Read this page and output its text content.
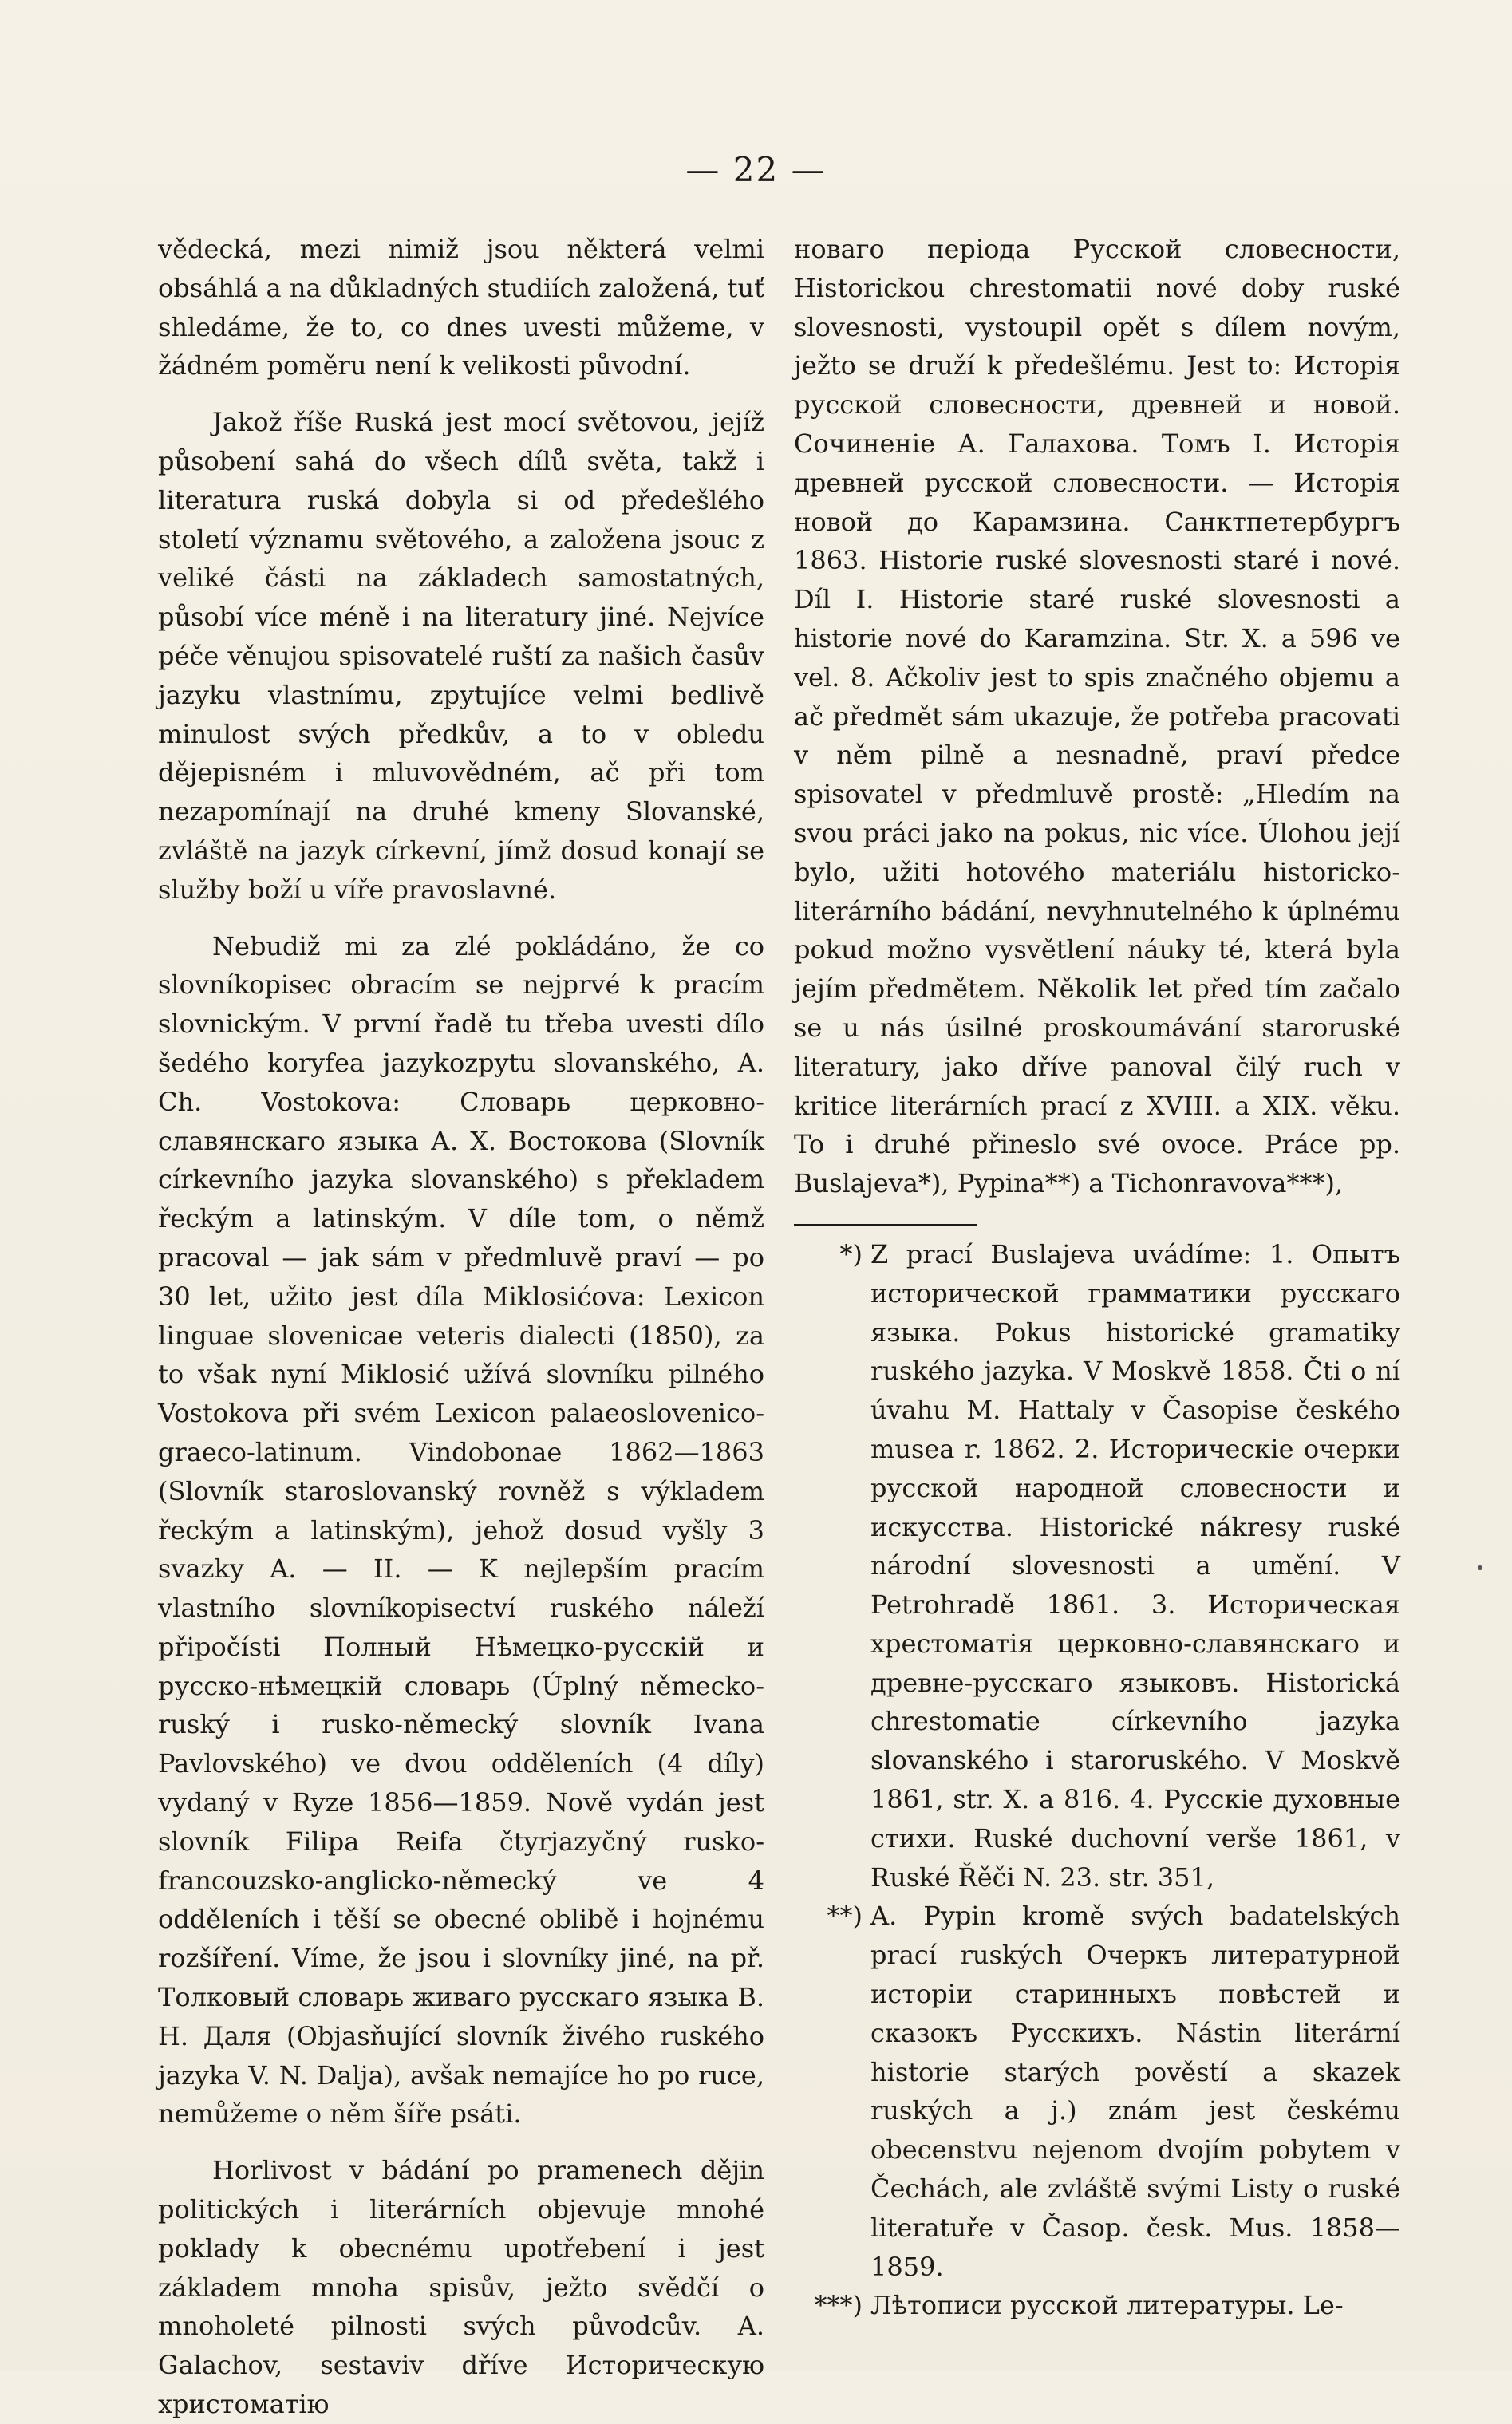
— 22 —

vědecká, mezi nimiž jsou některá velmi obsáhlá a na důkladných studiích založená, tuť shledáme, že to, co dnes uvesti můžeme, v žádném poměru není k velikosti původní.

Jakož říše Ruská jest mocí světovou, jejíž působení sahá do všech dílů světa, takž i literatura ruská dobyla si od předešlého století významu světového, a založena jsouc z veliké části na základech samostatných, působí více méně i na literatury jiné. Nejvíce péče věnujou spisovatelé ruští za našich časův jazyku vlastnímu, zpytujíce velmi bedlivě minulost svých předkův, a to v obledu dějepisném i mluvovědném, ač při tom nezapomínají na druhé kmeny Slovanské, zvláště na jazyk církevní, jímž dosud konají se služby boží u víře pravoslavné.

Nebudiž mi za zlé pokládáno, že co slovníkopisec obracím se nejprvé k pracím slovnickým. V první řadě tu třeba uvesti dílo šedého koryfea jazykozpytu slovanského, A. Ch. Vostokova: Словарь церковно-славянскаго языка А. Х. Востокова (Slovník církevního jazyka slovanského) s překladem řeckým a latinským. V díle tom, o němž pracoval — jak sám v předmluvě praví — po 30 let, užito jest díla Miklosićova: Lexicon linguae slovenicae veteris dialecti (1850), za to však nyní Miklosić užívá slovníku pilného Vostokova při svém Lexicon palaeoslovenico-graeco-latinum. Vindobonae 1862—1863 (Slovník staroslovanský rovněž s výkladem řeckým a latinským), jehož dosud vyšly 3 svazky A. — II. — K nejlepším pracím vlastního slovníkopisectví ruského náleží připočísti Полный Нѣмецко-русскій и русско-нѣмецкій словарь (Úplný německo-ruský i rusko-německý slovník Ivana Pavlovského) ve dvou odděleních (4 díly) vydaný v Ryze 1856—1859. Nově vydán jest slovník Filipa Reifa čtyrjazyčný rusko-francouzsko-anglicko-německý ve 4 odděleních i těší se obecné oblibě i hojnému rozšíření. Víme, že jsou i slovníky jiné, na př. Толковый словарь живаго русскаго языка В. Н. Даля (Objasňující slovník živého ruského jazyka V. N. Dalja), avšak nemajíce ho po ruce, nemůžeme o něm šíře psáti.

Horlivost v bádání po pramenech dějin politických i literárních objevuje mnohé poklady k obecnému upotřebení i jest základem mnoha spisův, ježto svědčí o mnoholeté pilnosti svých původcův. A. Galachov, sestaviv dříve Историческую христоматію

новаго періода Русской словесности, Historickou chrestomatii nové doby ruské slovesnosti, vystoupil opět s dílem novým, ježto se druží k předešlému. Jest to: Исторія русской словесности, древней и новой. Сочиненіе А. Галахова. Томъ I. Исторія древней русской словесности. — Исторія новой до Карамзина. Санктпетербургъ 1863. Historie ruské slovesnosti staré i nové. Díl I. Historie staré ruské slovesnosti a historie nové do Karamzina. Str. X. a 596 ve vel. 8. Ačkoliv jest to spis značného objemu a ač předmět sám ukazuje, že potřeba pracovati v něm pilně a nesnadně, praví předce spisovatel v předmluvě prostě: „Hledím na svou práci jako na pokus, nic více. Úlohou její bylo, užiti hotového materiálu historicko-literárního bádání, nevyhnutelného k úplnému pokud možno vysvětlení náuky té, která byla jejím předmětem. Několik let před tím začalo se u nás úsilné proskoumávání staroruské literatury, jako dříve panoval čilý ruch v kritice literárních prací z XVIII. a XIX. věku. To i druhé přineslo své ovoce. Práce pp. Buslajeva*), Pypina**) a Tichonravova***),

*) Z prací Buslajeva uvádíme: 1. Опытъ исторической грамматики русскаго языка. Pokus historické gramatiky ruského jazyka. V Moskvě 1858. Čti o ní úvahu M. Hattaly v Časopise českého musea r. 1862. 2. Историческіе очерки русской народной словесности и искусства. Historické nákresy ruské národní slovesnosti a umění. V Petrohradě 1861. 3. Историческая хрестоматія церковно-славянскаго и древне-русскаго языковъ. Historická chrestomatie církevního jazyka slovanského i staroruského. V Moskvě 1861, str. X. a 816. 4. Русскіе духовные стихи. Ruské duchovní verše 1861, v Ruské Řěči N. 23. str. 351,
**) A. Pypin kromě svých badatelských prací ruských Очеркъ литературной исторіи старинныхъ повѣстей и сказокъ Русскихъ. Nástin literární historie starých pověstí a skazek ruských a j.) znám jest českému obecenstvu nejenom dvojím pobytem v Čechách, ale zvláště svými Listy o ruské literatuře v Časop. česk. Mus. 1858—1859.
***) Лѣтописи русской литературы. Le-
